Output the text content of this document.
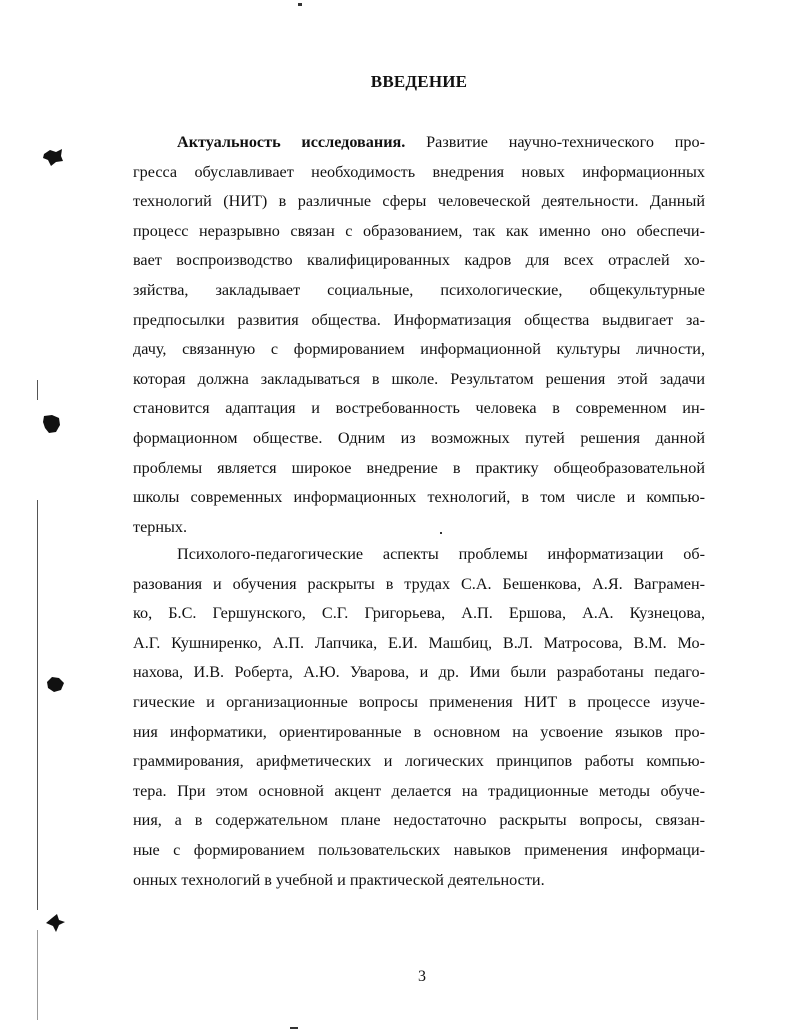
ВВЕДЕНИЕ
Актуальность исследования. Развитие научно-технического про-
гресса обуславливает необходимость внедрения новых информационных
технологий (НИТ) в различные сферы человеческой деятельности. Данный
процесс неразрывно связан с образованием, так как именно оно обеспечи-
вает воспроизводство квалифицированных кадров для всех отраслей хо-
зяйства, закладывает социальные, психологические, общекультурные
предпосылки развития общества. Информатизация общества выдвигает за-
дачу, связанную с формированием информационной культуры личности,
которая должна закладываться в школе. Результатом решения этой задачи
становится адаптация и востребованность человека в современном ин-
формационном обществе. Одним из возможных путей решения данной
проблемы является широкое внедрение в практику общеобразовательной
школы современных информационных технологий, в том числе и компью-
терных.
Психолого-педагогические аспекты проблемы информатизации об-
разования и обучения раскрыты в трудах С.А. Бешенкова, А.Я. Ваграмен-
ко, Б.С. Гершунского, С.Г. Григорьева, А.П. Ершова, А.А. Кузнецова,
А.Г. Кушниренко, А.П. Лапчика, Е.И. Машбиц, В.Л. Матросова, В.М. Мо-
нахова, И.В. Роберта, А.Ю. Уварова, и др. Ими были разработаны педаго-
гические и организационные вопросы применения НИТ в процессе изуче-
ния информатики, ориентированные в основном на усвоение языков про-
граммирования, арифметических и логических принципов работы компью-
тера. При этом основной акцент делается на традиционные методы обуче-
ния, а в содержательном плане недостаточно раскрыты вопросы, связан-
ные с формированием пользовательских навыков применения информаци-
онных технологий в учебной и практической деятельности.

3
